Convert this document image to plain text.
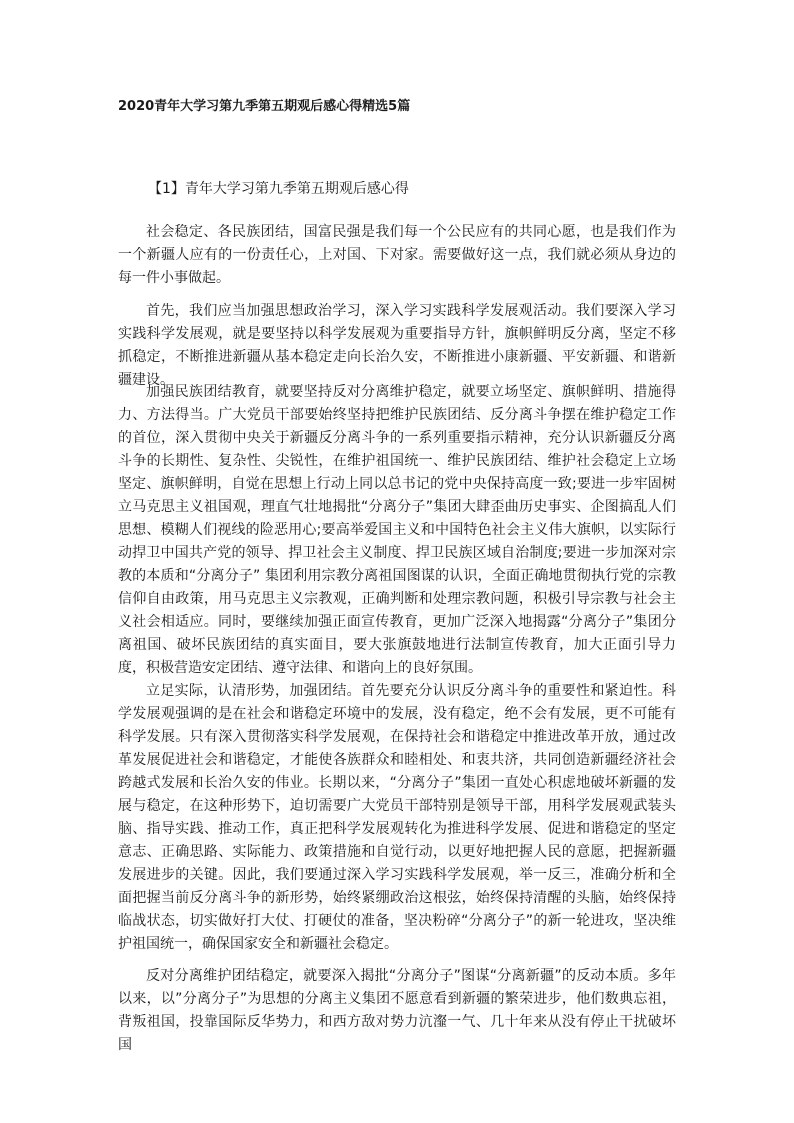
2020青年大学习第九季第五期观后感心得精选5篇
【1】青年大学习第九季第五期观后感心得

社会稳定、各民族团结，国富民强是我们每一个公民应有的共同心愿，也是我们作为一个新疆人应有的一份责任心，上对国、下对家。需要做好这一点，我们就必须从身边的每一件小事做起。

首先，我们应当加强思想政治学习，深入学习实践科学发展观活动。我们要深入学习实践科学发展观，就是要坚持以科学发展观为重要指导方针，旗帜鲜明反分离，坚定不移抓稳定，不断推进新疆从基本稳定走向长治久安，不断推进小康新疆、平安新疆、和谐新疆建设。

加强民族团结教育，就要坚持反对分离维护稳定，就要立场坚定、旗帜鲜明、措施得力、方法得当。广大党员干部要始终坚持把维护民族团结、反分离斗争摆在维护稳定工作的首位，深入贯彻中央关于新疆反分离斗争的一系列重要指示精神，充分认识新疆反分离斗争的长期性、复杂性、尖锐性，在维护祖国统一、维护民族团结、维护社会稳定上立场坚定、旗帜鲜明，自觉在思想上行动上同以总书记的党中央保持高度一致;要进一步牢固树立马克思主义祖国观，理直气壮地揭批“分离分子”集团大肆歪曲历史事实、企图搞乱人们思想、模糊人们视线的险恶用心;要高举爱国主义和中国特色社会主义伟大旗帜，以实际行动捍卫中国共产党的领导、捍卫社会主义制度、捍卫民族区域自治制度;要进一步加深对宗教的本质和“分离分子” 集团利用宗教分离祖国图谋的认识，全面正确地贯彻执行党的宗教信仰自由政策，用马克思主义宗教观，正确判断和处理宗教问题，积极引导宗教与社会主义社会相适应。同时，要继续加强正面宣传教育，更加广泛深入地揭露“分离分子”集团分离祖国、破坏民族团结的真实面目，要大张旗鼓地进行法制宣传教育，加大正面引导力度，积极营造安定团结、遵守法律、和谐向上的良好氛围。

立足实际，认清形势，加强团结。首先要充分认识反分离斗争的重要性和紧迫性。科学发展观强调的是在社会和谐稳定环境中的发展，没有稳定，绝不会有发展，更不可能有科学发展。只有深入贯彻落实科学发展观，在保持社会和谐稳定中推进改革开放，通过改革发展促进社会和谐稳定，才能使各族群众和睦相处、和衷共济，共同创造新疆经济社会跨越式发展和长治久安的伟业。长期以来，“分离分子”集团一直处心积虑地破坏新疆的发展与稳定，在这种形势下，迫切需要广大党员干部特别是领导干部，用科学发展观武装头脑、指导实践、推动工作，真正把科学发展观转化为推进科学发展、促进和谐稳定的坚定意志、正确思路、实际能力、政策措施和自觉行动，以更好地把握人民的意愿，把握新疆发展进步的关键。因此，我们要通过深入学习实践科学发展观，举一反三，准确分析和全面把握当前反分离斗争的新形势，始终紧绷政治这根弦，始终保持清醒的头脑，始终保持临战状态，切实做好打大仗、打硬仗的准备，坚决粉碎“分离分子”的新一轮进攻，坚决维护祖国统一，确保国家安全和新疆社会稳定。

反对分离维护团结稳定，就要深入揭批“分离分子”图谋“分离新疆”的反动本质。多年以来，以”分离分子”为思想的分离主义集团不愿意看到新疆的繁荣进步，他们数典忘祖，背叛祖国，投靠国际反华势力，和西方敌对势力沆瀣一气、几十年来从没有停止干扰破坏国
